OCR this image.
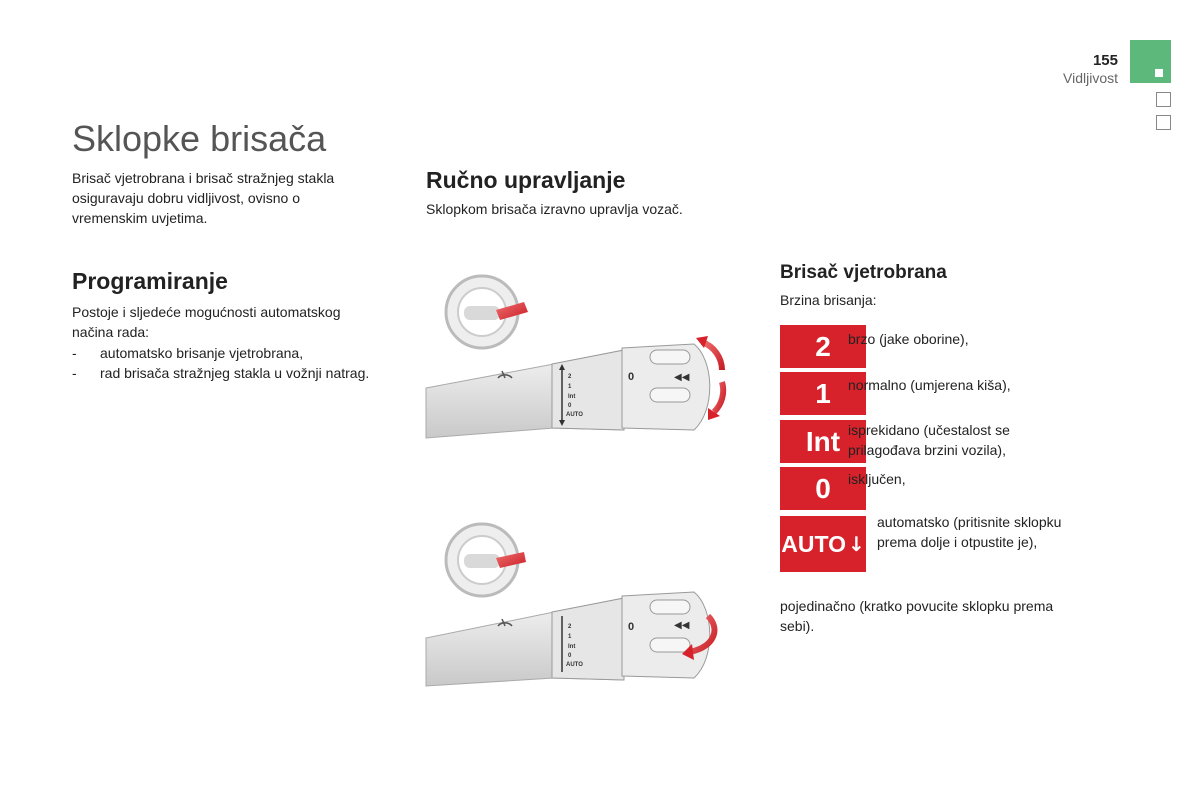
155
Vidljivost
Sklopke brisača
Brisač vjetrobrana i brisač stražnjeg stakla osiguravaju dobru vidljivost, ovisno o vremenskim uvjetima.
Programiranje
Postoje i sljedeće mogućnosti automatskog načina rada:
- automatsko brisanje vjetrobrana,
- rad brisača stražnjeg stakla u vožnji natrag.
Ručno upravljanje
Sklopkom brisača izravno upravlja vozač.
2
1
Int
0
AUTO
0	◀◀
2
1
Int
0
AUTO
0	◀◀
Brisač vjetrobrana
Brzina brisanja:
2	brzo (jake oborine),
1	normalno (umjerena kiša),
Int isprekidano (učestalost se prilagođava brzini vozila),
0	isključen,
AUTO ↓
automatsko (pritisnite sklopku prema dolje i otpustite je),
pojedinačno (kratko povucite sklopku prema sebi).
